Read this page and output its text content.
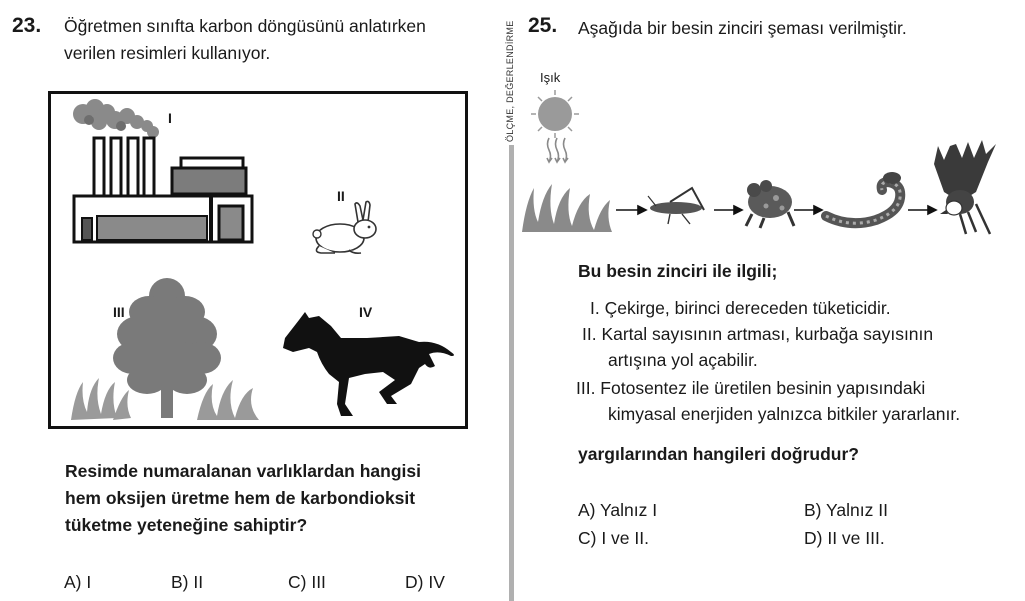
23. Öğretmen sınıfta karbon döngüsünü anlatırken
verilen resimleri kullanıyor.
I
II
III	IV
Resimde numaralanan varlıklardan hangisi
hem oksijen üretme hem de karbondioksit
tüketme yeteneğine sahiptir?
A) I	B) II	C) III	D) IV
ÖLÇME, DEĞERLENDİRME 25. Aşağıda bir besin zinciri şeması verilmiştir.
Işık
Bu besin zinciri ile ilgili;
I. Çekirge, birinci dereceden tüketicidir.
II. Kartal sayısının artması, kurbağa sayısının
artışına yol açabilir.
III. Fotosentez ile üretilen besinin yapısındaki
kimyasal enerjiden yalnızca bitkiler yararlanır.
yargılarından hangileri doğrudur?
A) Yalnız I	B) Yalnız II
C) I ve II.	D) II ve III.
